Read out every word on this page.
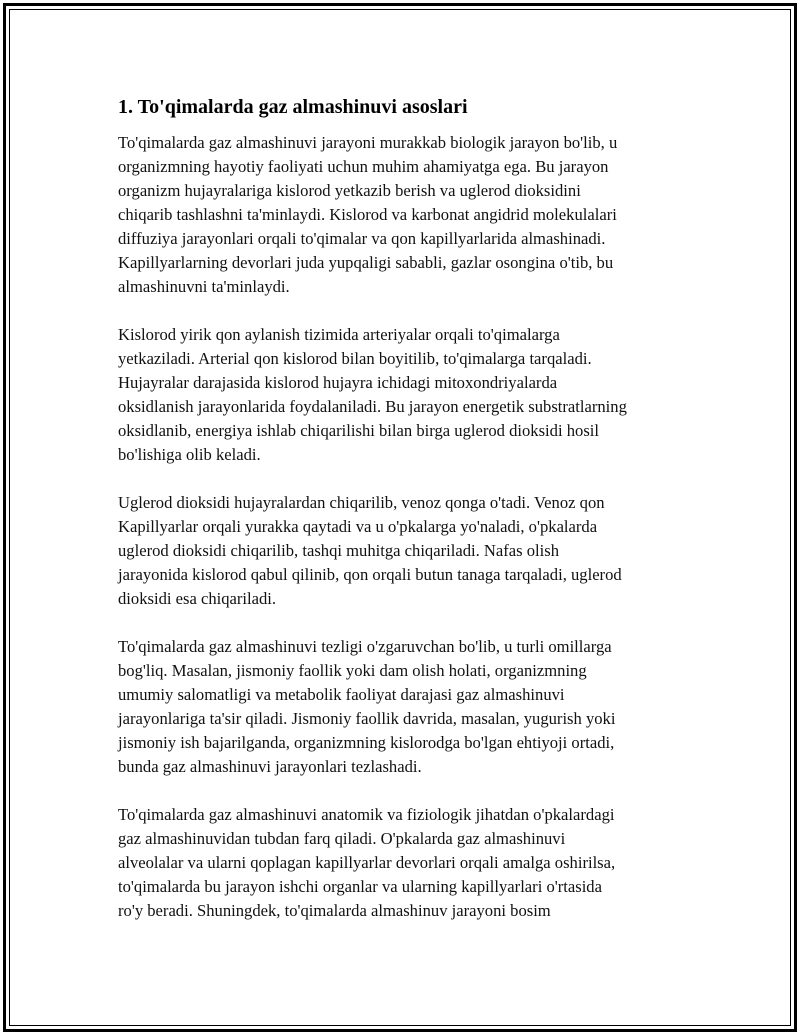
1. To'qimalarda gaz almashinuvi asoslari
To'qimalarda gaz almashinuvi jarayoni murakkab biologik jarayon bo'lib, u
organizmning hayotiy faoliyati uchun muhim ahamiyatga ega. Bu jarayon
organizm hujayralariga kislorod yetkazib berish va uglerod dioksidini
chiqarib tashlashni ta'minlaydi. Kislorod va karbonat angidrid molekulalari
diffuziya jarayonlari orqali to'qimalar va qon kapillyarlarida almashinadi.
Kapillyarlarning devorlari juda yupqaligi sababli, gazlar osongina o'tib, bu
almashinuvni ta'minlaydi.
Kislorod yirik qon aylanish tizimida arteriyalar orqali to'qimalarga
yetkaziladi. Arterial qon kislorod bilan boyitilib, to'qimalarga tarqaladi.
Hujayralar darajasida kislorod hujayra ichidagi mitoxondriyalarda
oksidlanish jarayonlarida foydalaniladi. Bu jarayon energetik substratlarning
oksidlanib, energiya ishlab chiqarilishi bilan birga uglerod dioksidi hosil
bo'lishiga olib keladi.
Uglerod dioksidi hujayralardan chiqarilib, venoz qonga o'tadi. Venoz qon
Kapillyarlar orqali yurakka qaytadi va u o'pkalarga yo'naladi, o'pkalarda
uglerod dioksidi chiqarilib, tashqi muhitga chiqariladi. Nafas olish
jarayonida kislorod qabul qilinib, qon orqali butun tanaga tarqaladi, uglerod
dioksidi esa chiqariladi.
To'qimalarda gaz almashinuvi tezligi o'zgaruvchan bo'lib, u turli omillarga
bog'liq. Masalan, jismoniy faollik yoki dam olish holati, organizmning
umumiy salomatligi va metabolik faoliyat darajasi gaz almashinuvi
jarayonlariga ta'sir qiladi. Jismoniy faollik davrida, masalan, yugurish yoki
jismoniy ish bajarilganda, organizmning kislorodga bo'lgan ehtiyoji ortadi,
bunda gaz almashinuvi jarayonlari tezlashadi.
To'qimalarda gaz almashinuvi anatomik va fiziologik jihatdan o'pkalardagi
gaz almashinuvidan tubdan farq qiladi. O'pkalarda gaz almashinuvi
alveolalar va ularni qoplagan kapillyarlar devorlari orqali amalga oshirilsa,
to'qimalarda bu jarayon ishchi organlar va ularning kapillyarlari o'rtasida
ro'y beradi. Shuningdek, to'qimalarda almashinuv jarayoni bosim
